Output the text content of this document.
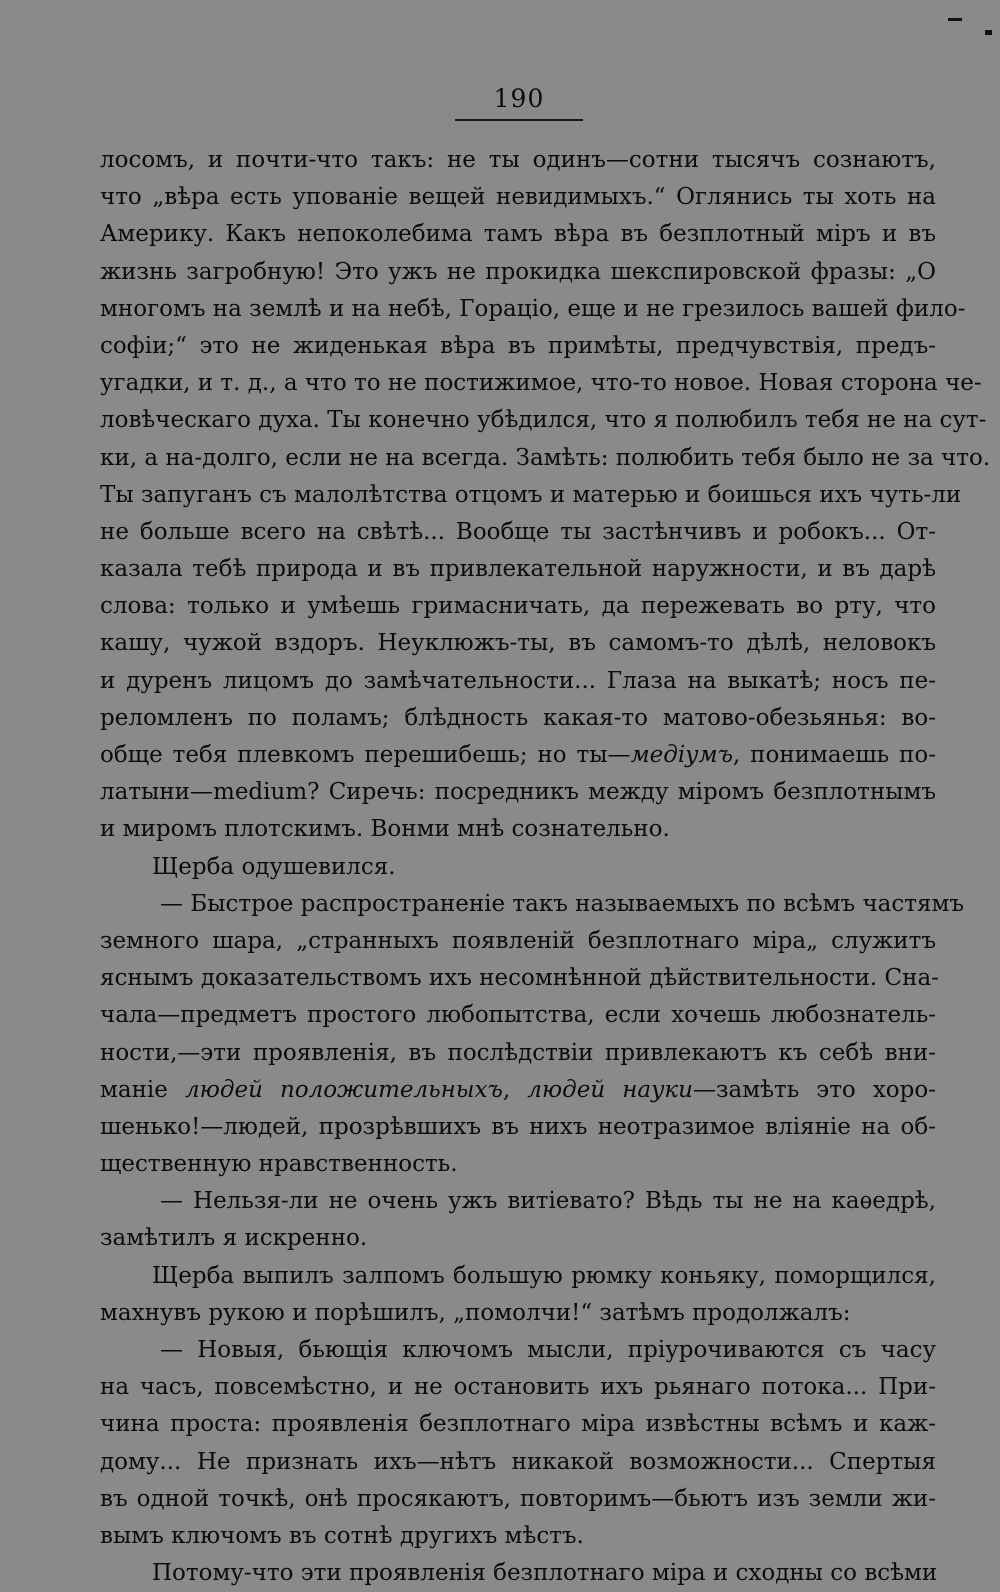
190
лосомъ, и почти-что такъ: не ты одинъ—сотни тысячъ сознаютъ,
что „вѣра есть упованіе вещей невидимыхъ.“ Оглянись ты хоть на
Америку. Какъ непоколебима тамъ вѣра въ безплотный міръ и въ
жизнь загробную! Это ужъ не прокидка шекспировской фразы: „О
многомъ на землѣ и на небѣ, Гораціо, еще и не грезилось вашей фило-
софіи;“ это не жиденькая вѣра въ примѣты, предчувствія, предъ-
угадки, и т. д., а что то не постижимое, что-то новое. Новая сторона че-
ловѣческаго духа. Ты конечно убѣдился, что я полюбилъ тебя не на сут-
ки, а на-долго, если не на всегда. Замѣть: полюбить тебя было не за что.
Ты запуганъ съ малолѣтства отцомъ и матерью и боишься ихъ чуть-ли
не больше всего на свѣтѣ... Вообще ты застѣнчивъ и робокъ... От-
казала тебѣ природа и въ привлекательной наружности, и въ дарѣ
слова: только и умѣешь гримасничать, да пережевать во рту, что
кашу, чужой вздоръ. Неуклюжъ-ты, въ самомъ-то дѣлѣ, неловокъ
и дуренъ лицомъ до замѣчательности... Глаза на выкатѣ; носъ пе-
реломленъ по поламъ; блѣдность какая-то матово-обезьянья: во-
обще тебя плевкомъ перешибешь; но ты—медіумъ, понимаешь по-
латыни—medium? Сиречь: посредникъ между міромъ безплотнымъ
и миромъ плотскимъ. Вонми мнѣ сознательно.
Щерба одушевился.
— Быстрое распространеніе такъ называемыхъ по всѣмъ частямъ
земного шара, „странныхъ появленій безплотнаго міра„ служитъ
яснымъ доказательствомъ ихъ несомнѣнной дѣйствительности. Сна-
чала—предметъ простого любопытства, если хочешь любознатель-
ности,—эти проявленія, въ послѣдствіи привлекаютъ къ себѣ вни-
маніе людей положительныхъ, людей науки—замѣть это хоро-
шенько!—людей, прозрѣвшихъ въ нихъ неотразимое вліяніе на об-
щественную нравственность.
— Нельзя-ли не очень ужъ витіевато? Вѣдь ты не на каѳедрѣ,
замѣтилъ я искренно.
Щерба выпилъ залпомъ большую рюмку коньяку, поморщился,
махнувъ рукою и порѣшилъ, „помолчи!“ затѣмъ продолжалъ:
— Новыя, бьющія ключомъ мысли, пріурочиваются съ часу
на часъ, повсемѣстно, и не остановить ихъ рьянаго потока... При-
чина проста: проявленія безплотнаго міра извѣстны всѣмъ и каж-
дому... Не признать ихъ—нѣтъ никакой возможности... Спертыя
въ одной точкѣ, онѣ просякаютъ, повторимъ—бьютъ изъ земли жи-
вымъ ключомъ въ сотнѣ другихъ мѣстъ.
Потому-что эти проявленія безплотнаго міра и сходны со всѣми
